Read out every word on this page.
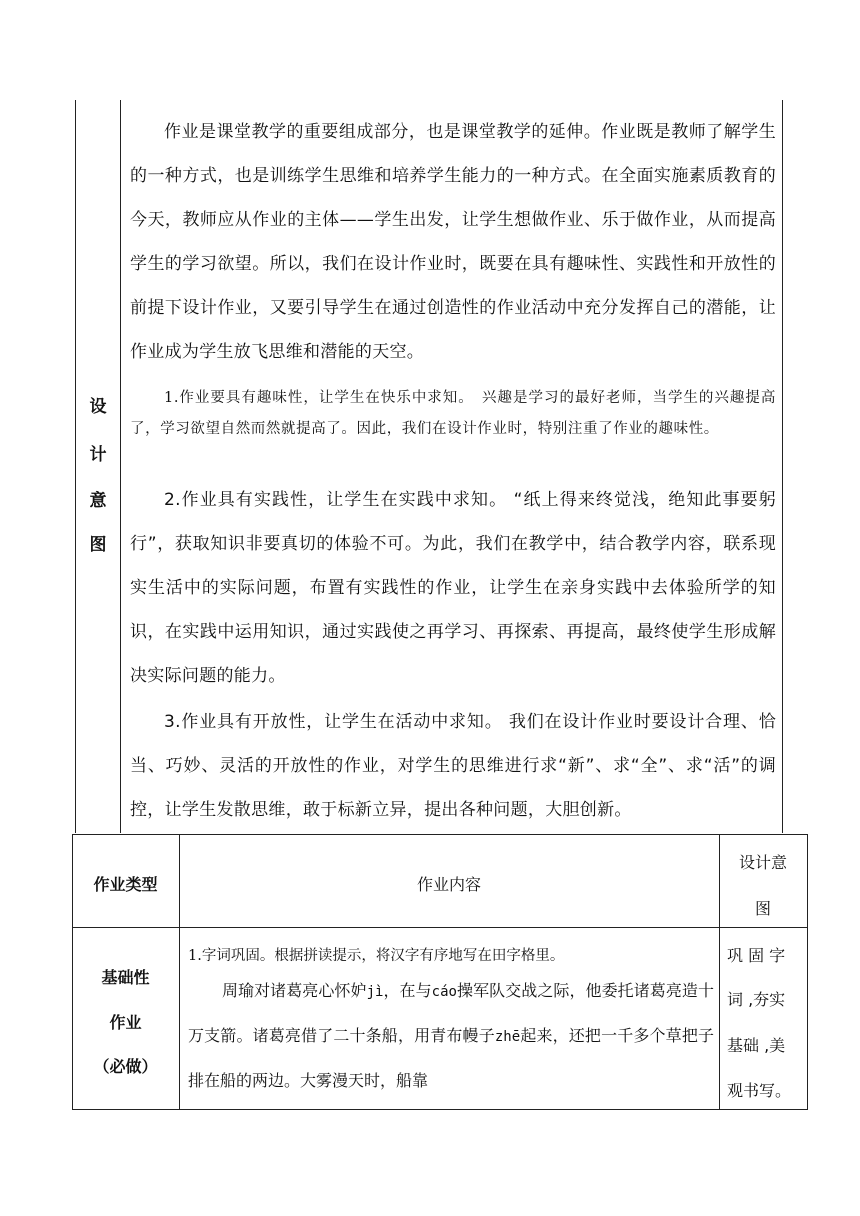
设
计
意
图
作业是课堂教学的重要组成部分，也是课堂教学的延伸。作业既是教师了解学生的一种方式，也是训练学生思维和培养学生能力的一种方式。在全面实施素质教育的今天，教师应从作业的主体——学生出发，让学生想做作业、乐于做作业，从而提高学生的学习欲望。所以，我们在设计作业时，既要在具有趣味性、实践性和开放性的前提下设计作业，又要引导学生在通过创造性的作业活动中充分发挥自己的潜能，让作业成为学生放飞思维和潜能的天空。
1.作业要具有趣味性，让学生在快乐中求知。　兴趣是学习的最好老师，当学生的兴趣提高了，学习欲望自然而然就提高了。因此，我们在设计作业时，特别注重了作业的趣味性。
2.作业具有实践性，让学生在实践中求知。 “纸上得来终觉浅，绝知此事要躬行”，获取知识非要真切的体验不可。为此，我们在教学中，结合教学内容，联系现实生活中的实际问题，布置有实践性的作业，让学生在亲身实践中去体验所学的知识，在实践中运用知识，通过实践使之再学习、再探索、再提高，最终使学生形成解决实际问题的能力。
3.作业具有开放性，让学生在活动中求知。 我们在设计作业时要设计合理、恰当、巧妙、灵活的开放性的作业，对学生的思维进行求“新”、求“全”、求“活”的调控，让学生发散思维，敢于标新立异，提出各种问题，大胆创新。
作业类型	作业内容
设计意
图
基础性
作业
（必做）
1.字词巩固。根据拼读提示，将汉字有序地写在田字格里。
周瑜对诸葛亮心怀妒jì，在与cáo操军队交战之际，他委托诸葛亮造十万支箭。诸葛亮借了二十条船，用青布幔子zhē起来，还把一千多个草把子排在船的两边。大雾漫天时，船靠
巩 固 字
词 ,夯实
基础 ,美
观书写。
